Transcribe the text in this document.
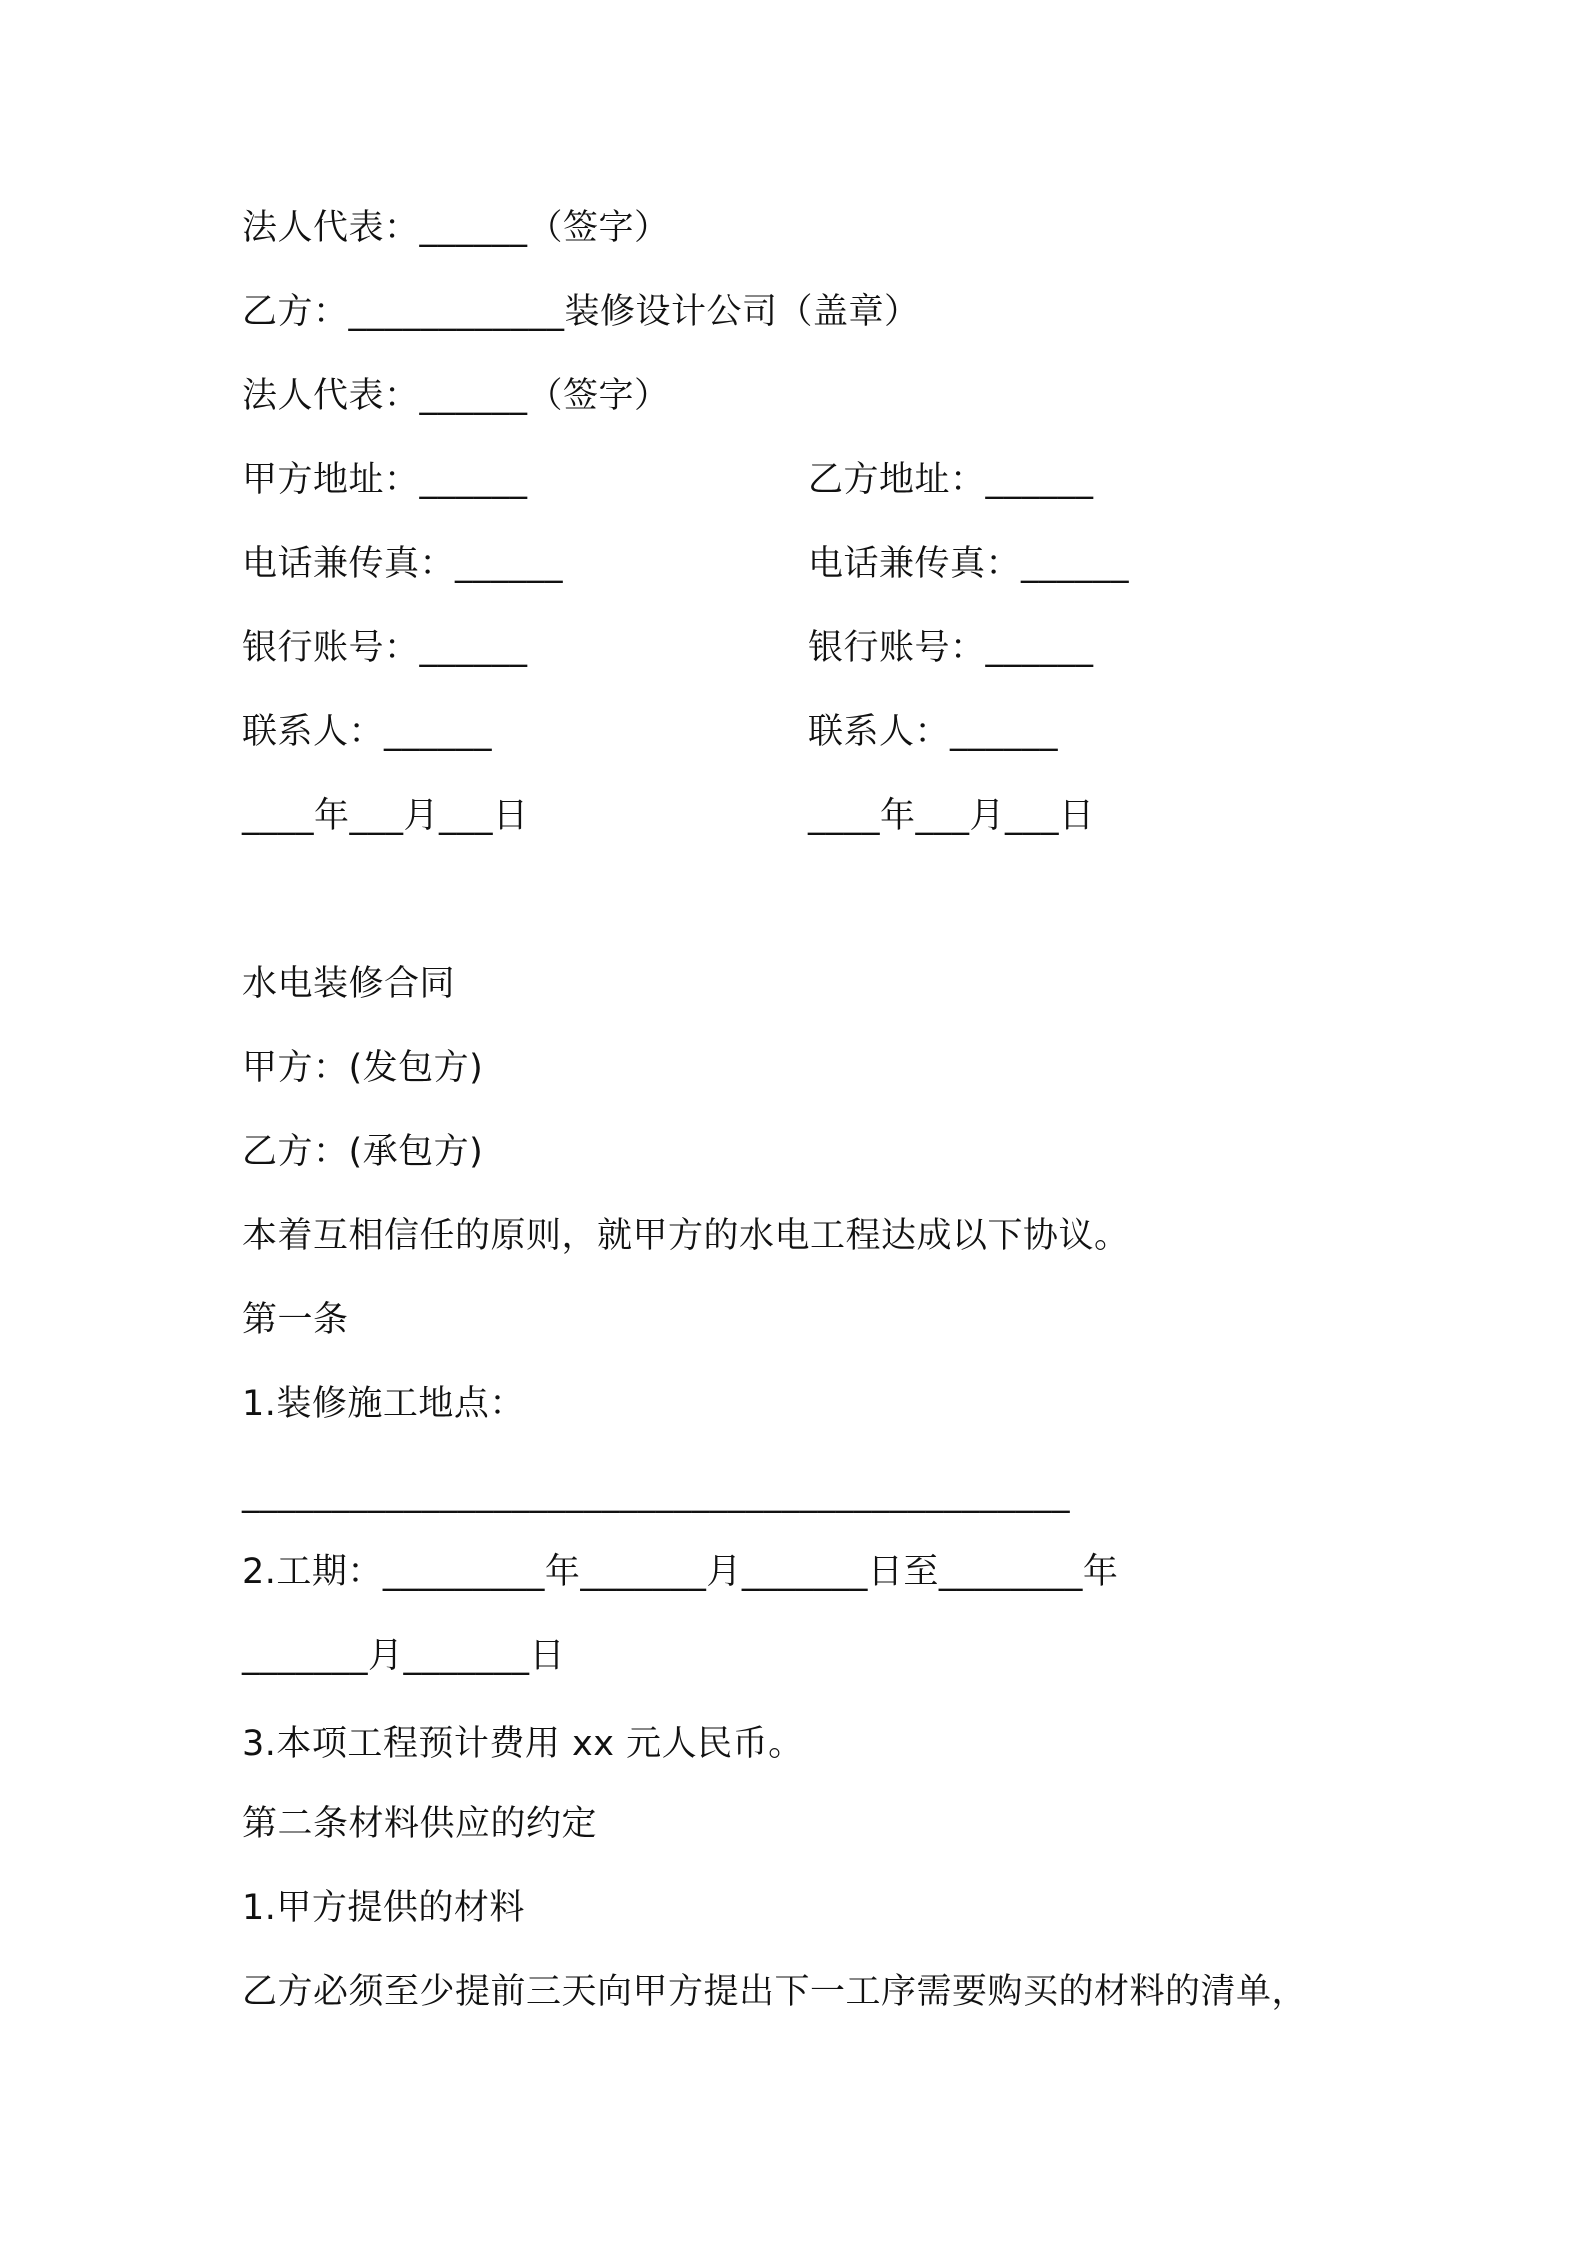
法人代表：______（签字）
乙方：____________装修设计公司（盖章）
法人代表：______（签字）
甲方地址：______	乙方地址：______
电话兼传真：______	电话兼传真：______
银行账号：______	银行账号：______
联系人：______	联系人：______
____年___月___日	____年___月___日
水电装修合同
甲方：(发包方)
乙方：(承包方)
本着互相信任的原则，就甲方的水电工程达成以下协议。
第一条
1.装修施工地点：
______________________________________________
2.工期：_________年_______月_______日至________年
_______月_______日
3.本项工程预计费用 xx 元人民币。
第二条材料供应的约定
1.甲方提供的材料
乙方必须至少提前三天向甲方提出下一工序需要购买的材料的清单，
